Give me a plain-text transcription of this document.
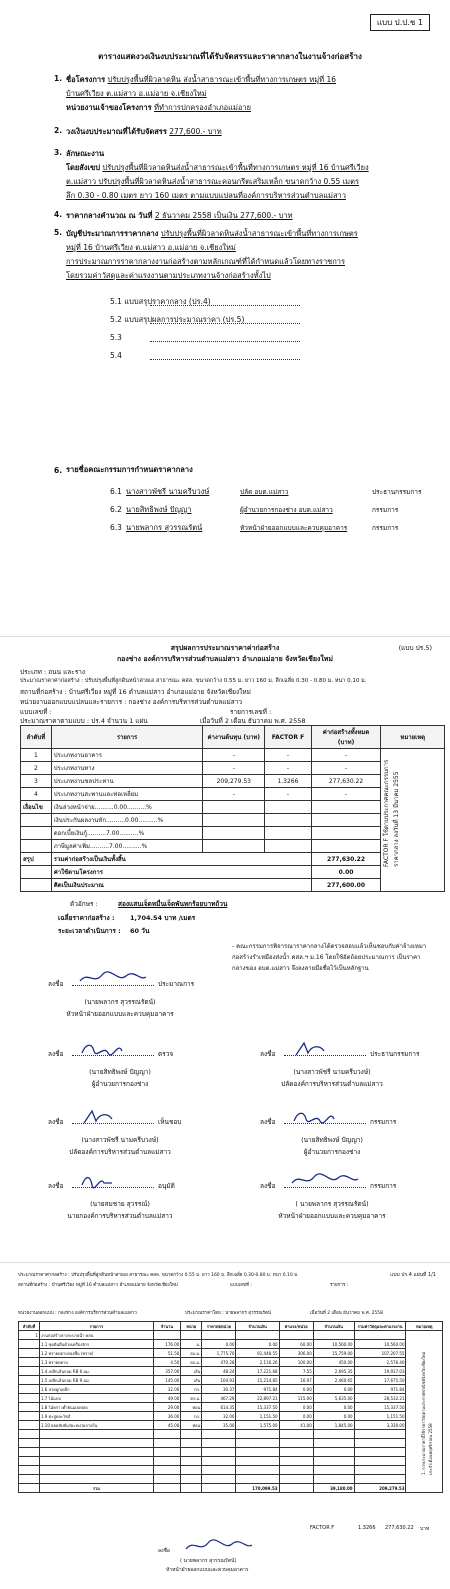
แบบ ป.ป.ช 1
ตารางแสดงวงเงินงบประมาณที่ได้รับจัดสรรและราคากลางในงานจ้างก่อสร้าง
1. ชื่อโครงการ ปรับปรุงพื้นที่ผิวลาดหิน ส่งน้ำสาธารณะเข้าพื้นที่ทางการเกษตร หมู่ที่ 16
บ้านศรีเวียง ต.แม่สาว อ.แม่อาย จ.เชียงใหม่
หน่วยงานเจ้าของโครงการ ที่ทำการปกครองอำเภอแม่อาย
2. วงเงินงบประมาณที่ได้รับจัดสรร 277,600.- บาท
3. ลักษณะงาน
โดยสังเขป ปรับปรุงพื้นที่ผิวลาดหินส่งน้ำสาธารณะเข้าพื้นที่ทางการเกษตร หมู่ที่ 16 บ้านศรีเวียง
ต.แม่สาว ปรับปรุงพื้นที่ผิวลาดหินส่งน้ำสาธารณะคอนกรีตเสริมเหล็ก ขนาดกว้าง 0.55 เมตร
ลึก 0.30 - 0.80 เมตร ยาว 160 เมตร ตามแบบแปลนที่องค์การบริหารส่วนตำบลแม่สาว
4. ราคากลางคำนวณ ณ วันที่ 2 ธันวาคม 2558 เป็นเงิน 277,600.- บาท
5. บัญชีประมาณการราคากลาง ปรับปรุงพื้นที่ผิวลาดหินส่งน้ำสาธารณะเข้าพื้นที่ทางการเกษตร
หมู่ที่ 16 บ้านศรีเวียง ต.แม่สาว อ.แม่อาย จ.เชียงใหม่
การประมาณการราคากลางงานก่อสร้างตามหลักเกณฑ์ที่ได้กำหนดแล้วโดยทางราชการ
โดยรวมค่าวัสดุและค่าแรงงานตามประเภทงานจ้างก่อสร้างทั้งไป
5.1 แบบสรุปราคากลาง (ปร.4)
5.2 แบบสรุปผลการประมาณราคา (ปร.5)
5.3
5.4
6. รายชื่อคณะกรรมการกำหนดราคากลาง
6.1 นางสาวพัชรี นามครีบวงษ์	ปลัด อบต.แม่สาว	ประธานกรรมการ
6.2 นายสิทธิพงษ์ ปัญญา	ผู้อำนวยการกองช่าง อบต.แม่สาว	กรรมการ
6.3 นายพลากร สุวรรณรัตน์	หัวหน้าฝ่ายออกแบบและควบคุมอาคาร	กรรมการ
(แบบ ปร.5)
สรุปผลการประมาณราคาค่าก่อสร้าง
กองช่าง องค์การบริหารส่วนตำบลแม่สาว อำเภอแม่อาย จังหวัดเชียงใหม่
ประเภท : ถนน และราง
ประมาณราคาค่าก่อสร้าง : ปรับปรุงพื้นที่ลูกดินหน้าสายเอ สาธารณะ คสล. ขนาดกว้าง 0.55 ม. ยาว 160 ม. ลึกเฉลี่ย 0.30 - 0.80 ม. หนา 0.10 ม.
สถานที่ก่อสร้าง : บ้านศรีเวียง หมู่ที่ 16 ตำบลแม่สาว อำเภอแม่อาย จังหวัดเชียงใหม่
หน่วยงานออกแบบแปลนและรายการ : กองช่าง องค์การบริหารส่วนตำบลแม่สาว
แบบเลขที่ :	รายการเลขที่ :
ประมาณราคาตามแบบ : ปร.4 จำนวน 1 แผ่น	เมื่อวันที่ 2 เดือน ธันวาคม พ.ศ. 2558
ลำดับที่	รายการ	ค่างานต้นทุน (บาท)	FACTOR F	ค่าก่อสร้างทั้งหมด (บาท)	หมายเหตุ
1	ประเภทงานอาคาร	-	-	-	
2	ประเภทงานทาง	-	-	-	
3	ประเภทงานชลประทาน	209,279.53	1.3266	277,630.22	
4	ประเภทงานสะพานและท่อเหลี่ยม	-	-	-	
เงื่อนไข	เงินล่วงหน้าจ่าย..........0.00..........%				
	เงินประกันผลงานหัก..........0.00..........%				
	ดอกเบี้ยเงินกู้..........7.00..........%				
	ภาษีมูลค่าเพิ่ม..........7.00..........%				
สรุป	รวมค่าก่อสร้างเป็นเงินทั้งสิ้น			277,630.22	
	ค่าใช้ตามโครงการ			0.00	
	คิดเป็นเงินประมาณ			277,600.00	
FACTOR F ใช้ตามประกาศคณะกรรมการราคากลาง ลงวันที่ 13 มีนาคม 2555
ตัวอักษร :	สองแสนเจ็ดหมื่นเจ็ดพันหกร้อยบาทถ้วน
เฉลี่ยราคาก่อสร้าง : 1,704.54 บาท /เมตร
ระยะเวลาดำเนินการ : 60 วัน
- คณะกรรมการพิจารณาราคากลางได้ตรวจสอบแล้วเห็นชอบกับค่าจ้างเหมา ก่อสร้างรำเหมืองส่งน้ำ คสล.ฯ ม.16 โดยใช้อัตถ้อยประมาณการ เป็นราคากลางของ อบต.แม่สาว จึงลงลายมือชื่อไว้เป็นหลักฐาน
ลงชื่อ	ประมาณการ
(นายพลากร สุวรรณรัตน์)
หัวหน้าฝ่ายออกแบบและควบคุมอาคาร
ลงชื่อ	ตรวจ
(นายสิทธิพงษ์ ปัญญา)
ผู้อำนวยการกองช่าง
ลงชื่อ	เห็นชอบ
(นางสาวพัชรี นามครีบวงษ์)
ปลัดองค์การบริหารส่วนตำบลแม่สาว
ลงชื่อ	อนุมัติ
(นายสมชาย สุวรรณ์)
นายกองค์การบริหารส่วนตำบลแม่สาว
ลงชื่อ	ประธานกรรมการ
(นางสาวพัชรี นามครีบวงษ์)
ปลัดองค์การบริหารส่วนตำบลแม่สาว
ลงชื่อ	กรรมการ
(นายสิทธิพงษ์ ปัญญา)
ผู้อำนวยการกองช่าง
ลงชื่อ	กรรมการ
( นายพลากร สุวรรณรัตน์)
หัวหน้าฝ่ายออกแบบและควบคุมอาคาร
ประมาณราคาค่าก่อสร้าง : ปรับปรุงพื้นที่ลูกดินหน้าสายเอ สาธารณะ คสล. ขนาดกว้าง 0.55 ม. ยาว 160 ม. ลึกเฉลี่ย 0.30-0.80 ม. หนา 0.10 ม.	แบบ ปร.4 แผ่นที่ 1/1
สถานที่ก่อสร้าง : บ้านศรีเวียง หมู่ที่ 16 ตำบลแม่สาว อำเภอแม่อาย จังหวัดเชียงใหม่	แบบเลขที่ :	รายการ :
หน่วยงานออกแบบ : กองช่าง องค์การบริหารส่วนตำบลแม่สาว	ประมาณราคาโดย : นายพลากร สุวรรณรัตน์	เมื่อวันที่ 2 เดือน ธันวาคม พ.ศ. 2558
ลำดับที่	รายการ	จำนวน	หน่วย	ราคาต่อหน่วย	จำนวนเงิน	ค่าแรง/หน่วย	จำนวนเงิน	รวมค่าวัสดุและค่าแรงงาน	หมายเหตุ
1	งานก่อสร้างรางระบายน้ำ คสล.								
	1.1 ขุดดินยื่นด้วยเครื่องจักร	176.00	ม.	0.00	0.00	60.00	10,560.00	10,560.00	
	1.2 ทรายหยาบรองพื้น (ทราย)	51.50	ลบ.ม.	1,775.70	91,448.55	306.00	15,759.00	107,207.55	
	1.3 ทรายหยาบ	4.50	ลบ.ม.	470.28	2,116.26	100.00	450.00	2,576.40	
	1.4 เหล็กเส้นกลม RB 6 มม.	357.00	เส้น	48.24	17,221.68	7.55	2,695.35	19,917.03	
	1.5 เหล็กเส้นกลม RB 9 มม.	145.00	เส้น	104.93	15,214.85	16.97	2,460.65	17,675.50	
	1.6 ลวดผูกเหล็ก	32.00	กก.	30.37	971.84	0.00	0.00	971.84	
	1.7 ไม้แบบ	49.00	ตร.ม.	467.29	22,897.21	115.00	5,635.00	28,532.21	
	1.8 ไม้คร่าวค้ำยันแบบหล่อ	29.00	ท่อน	614.35	15,337.50	0.00	0.00	15,337.50	
	1.9 ตะปูคละไซส์	36.00	กก.	32.00	1,151.50	0.00	0.00	1,151.50	
	1.10 ยอดลับซ์แร่ยะหน่วยภายใน	45.00	ท่อน	35.00	1,575.00	41.00	1,845.00	3,330.00	

	รวม				170,099.53		39,180.00	209,279.53	
1. การประมาณราคานี้ใช้ราคาวัสดุตามประกาศพาณิชย์จังหวัดเชียงใหม่ ประจำเดือนพฤศจิกายน 2558
FACTOR F	1.3266 277,630.22 บาท
ลงชื่อ
( นายพลากร สุวรรณรัตน์)
หัวหน้าฝ่ายออกแบบและควบคุมอาคาร
